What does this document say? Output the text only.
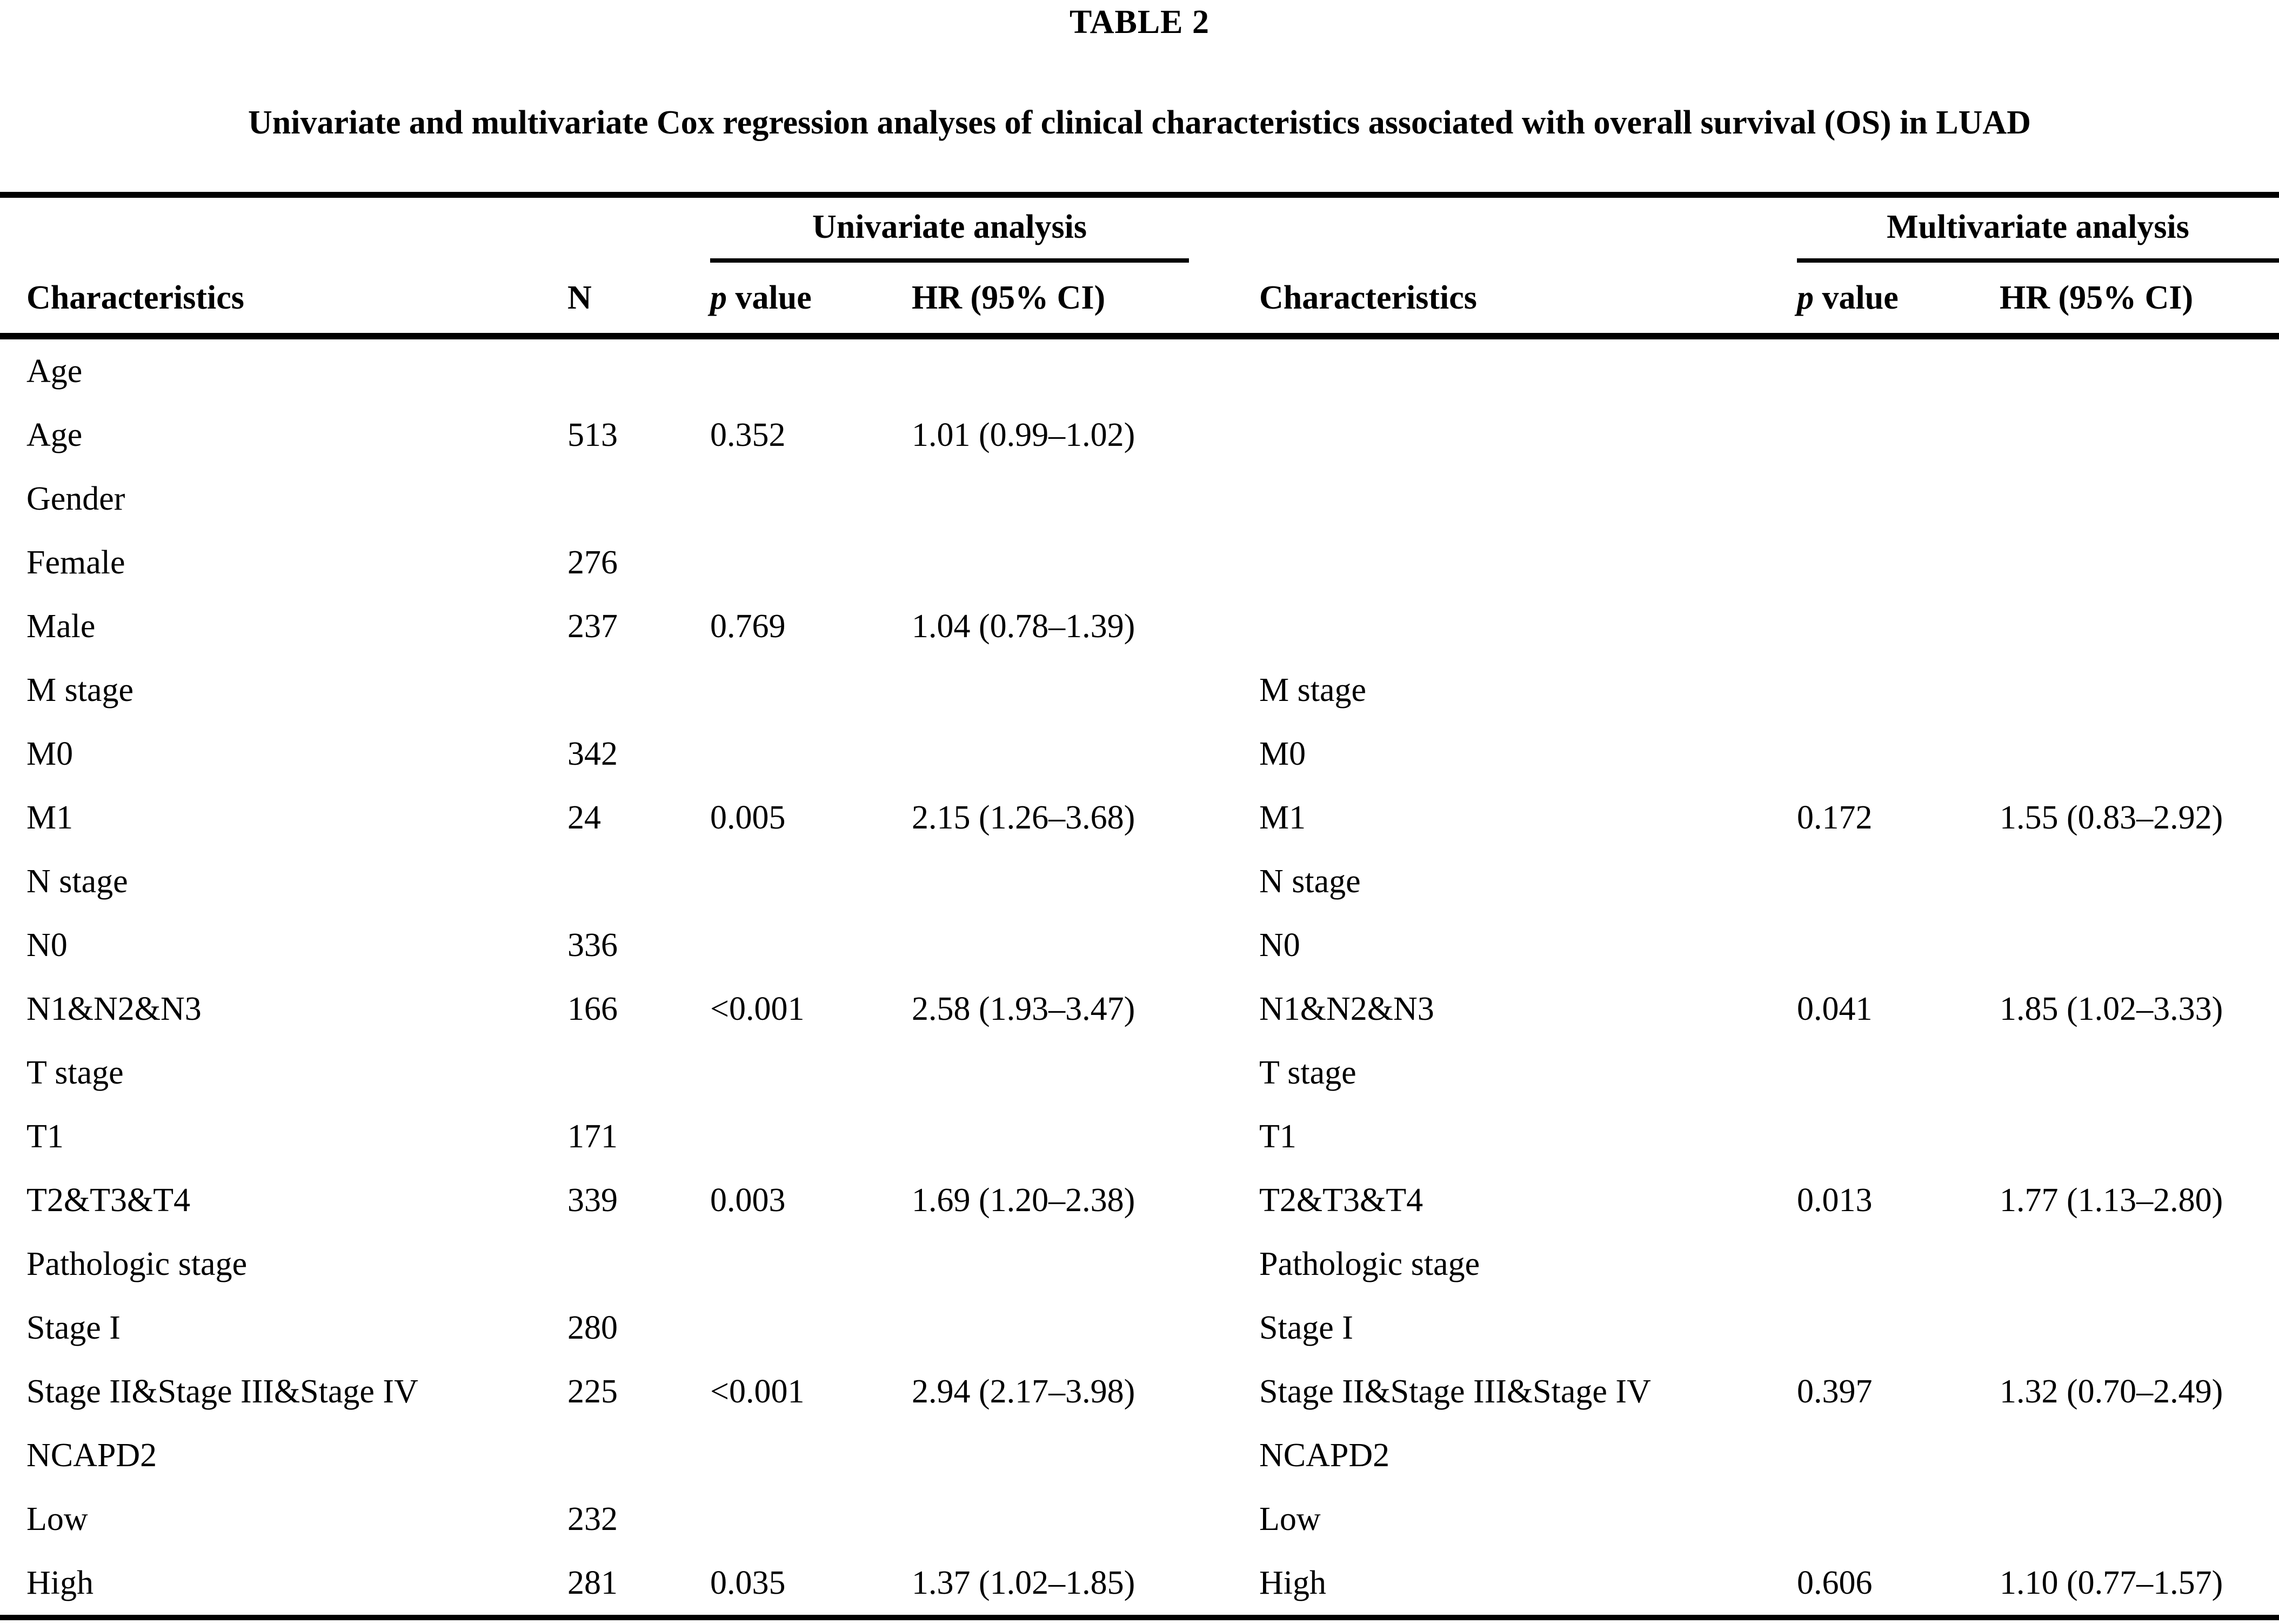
TABLE 2
Univariate and multivariate Cox regression analyses of clinical characteristics associated with overall survival (OS) in LUAD

		Univariate analysis			Multivariate analysis	

Characteristics	N	p value	HR (95% CI)	Characteristics	p value	HR (95% CI)
Age						
Age	513	0.352	1.01 (0.99–1.02)			
Gender						
Female	276					
Male	237	0.769	1.04 (0.78–1.39)			
M stage				M stage		
M0	342			M0		
M1	24	0.005	2.15 (1.26–3.68)	M1	0.172	1.55 (0.83–2.92)
N stage				N stage		
N0	336			N0		
N1&N2&N3	166	<0.001	2.58 (1.93–3.47)	N1&N2&N3	0.041	1.85 (1.02–3.33)
T stage				T stage		
T1	171			T1		
T2&T3&T4	339	0.003	1.69 (1.20–2.38)	T2&T3&T4	0.013	1.77 (1.13–2.80)
Pathologic stage				Pathologic stage		
Stage I	280			Stage I		
Stage II&Stage III&Stage IV	225	<0.001	2.94 (2.17–3.98)	Stage II&Stage III&Stage IV	0.397	1.32 (0.70–2.49)
NCAPD2				NCAPD2		
Low	232			Low		
High	281	0.035	1.37 (1.02–1.85)	High	0.606	1.10 (0.77–1.57)
